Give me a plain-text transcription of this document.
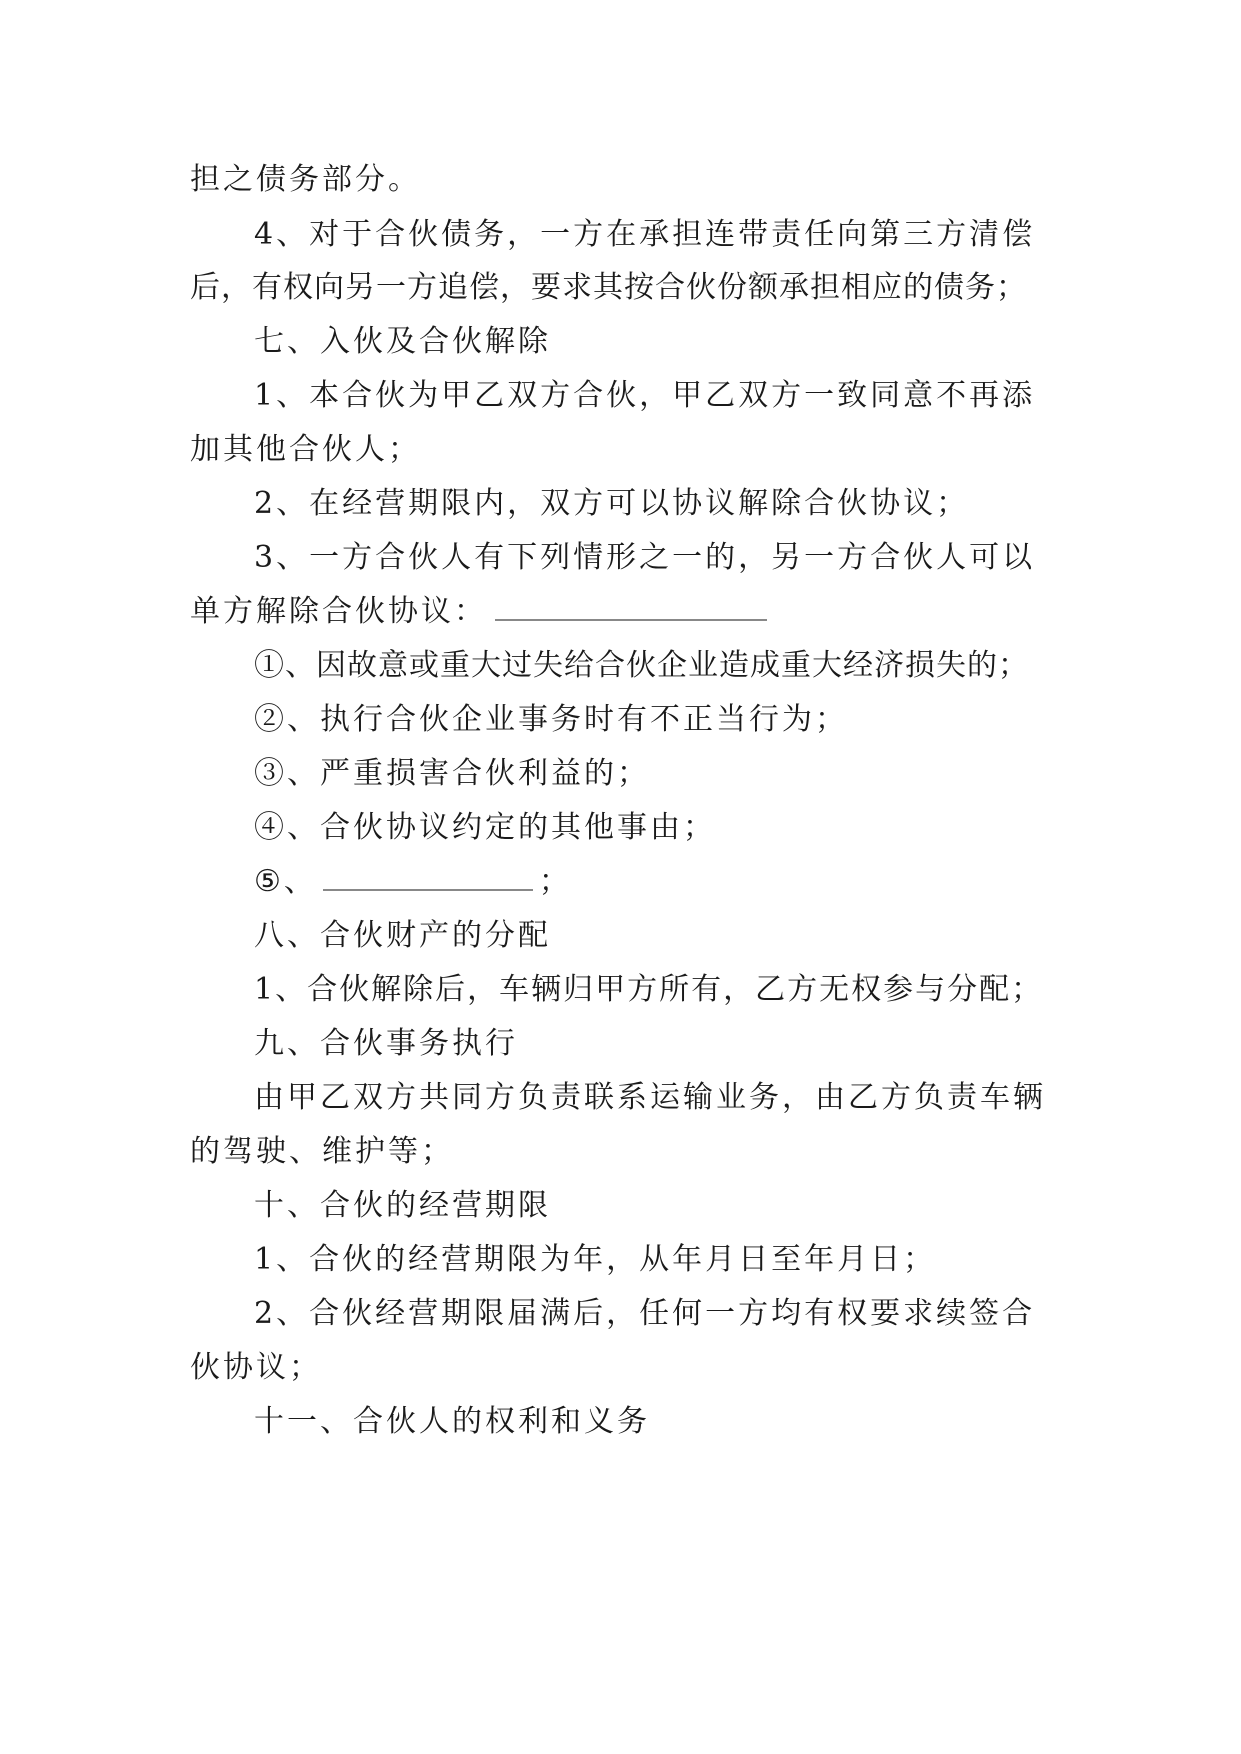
担之债务部分。
4、对于合伙债务，一方在承担连带责任向第三方清偿
后，有权向另一方追偿，要求其按合伙份额承担相应的债务；
七、入伙及合伙解除
1、本合伙为甲乙双方合伙，甲乙双方一致同意不再添
加其他合伙人；
2、在经营期限内，双方可以协议解除合伙协议；
3、一方合伙人有下列情形之一的，另一方合伙人可以
单方解除合伙协议：
①、因故意或重大过失给合伙企业造成重大经济损失的；
②、执行合伙企业事务时有不正当行为；
③、严重损害合伙利益的；
④、合伙协议约定的其他事由；
⑤、	；
八、合伙财产的分配
1、合伙解除后，车辆归甲方所有，乙方无权参与分配；
九、合伙事务执行
由甲乙双方共同方负责联系运输业务，由乙方负责车辆
的驾驶、维护等；
十、合伙的经营期限
1、合伙的经营期限为年，从年月日至年月日；
2、合伙经营期限届满后，任何一方均有权要求续签合
伙协议；
十一、合伙人的权利和义务
